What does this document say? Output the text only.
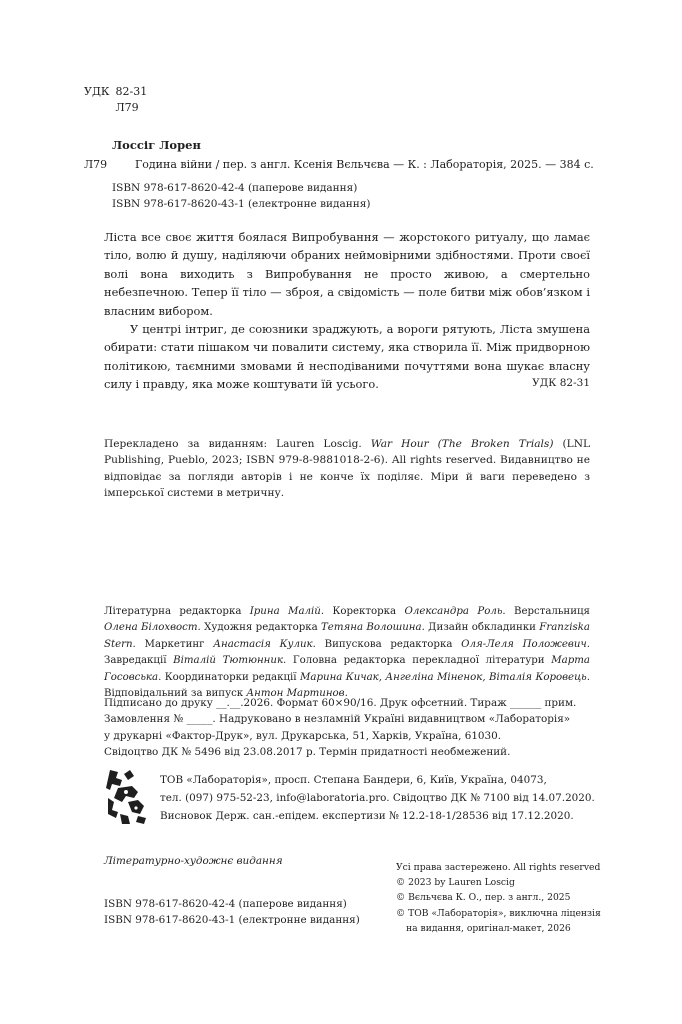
УДК 82-31
Л79
Лоссіг Лорен
Л79	Година війни / пер. з англ. Ксенія Вєльчєва — К. : Лабораторія, 2025. — 384 с.
ISBN 978-617-8620-42-4 (паперове видання)
ISBN 978-617-8620-43-1 (електронне видання)

Ліста все своє життя боялася Випробування — жорстокого ритуалу, що ламає тіло, волю й душу, наділяючи обраних неймовірними здібностями. Проти своєї волі вона виходить з Випробування не просто живою, а смертельно небезпечною. Тепер її тіло — зброя, а свідомість — поле битви між обов’язком і власним вибором.

У центрі інтриг, де союзники зраджують, а вороги рятують, Ліста змушена обирати: стати пішаком чи повалити систему, яка створила її. Між придворною політикою, таємними змовами й несподіваними почуттями вона шукає власну силу і правду, яка може коштувати їй усього.	УДК 82-31
Перекладено за виданням: Lauren Loscig. War Hour (The Broken Trials) (LNL Publishing, Pueblo, 2023; ISBN 979-8-9881018-2-6). All rights reserved. Видавництво не відповідає за погляди авторів і не конче їх поділяє. Міри й ваги переведено з імперської системи в метричну.
Літературна редакторка Ірина Малій. Коректорка Олександра Роль. Верстальниця Олена Білохвост. Художня редакторка Тетяна Волошина. Дизайн обкладинки Franziska Stern. Маркетинг Анастасія Кулик. Випускова редакторка Оля-Леля Положевич. Завредакції Віталій Тютюнник. Головна редакторка перекладної літератури Марта Госовська. Координаторки редакції Марина Кичак, Ангеліна Міненок, Віталія Коровець. Відповідальний за випуск Антон Мартинов.
Підписано до друку __.__.2026. Формат 60×90/16. Друк офсетний. Тираж ______ прим.
Замовлення № _____. Надруковано в незламній Україні видавництвом «Лабораторія»
у друкарні «Фактор-Друк», вул. Друкарська, 51, Харків, Україна, 61030.
Свідоцтво ДК № 5496 від 23.08.2017 р. Термін придатності необмежений.
ТОВ «Лабораторія», просп. Степана Бандери, 6, Київ, Україна, 04073,
тел. (097) 975-52-23, info@laboratoria.pro. Свідоцтво ДК № 7100 від 14.07.2020.
Висновок Держ. сан.-епідем. експертизи № 12.2-18-1/28536 від 17.12.2020.
Літературно-художнє видання
ISBN 978-617-8620-42-4 (паперове видання)
ISBN 978-617-8620-43-1 (електронне видання)
Усі права застережено. All rights reserved
© 2023 by Lauren Loscig
© Вєльчєва К. О., пер. з англ., 2025
© ТОВ «Лабораторія», виключна ліцензія
на видання, оригінал-макет, 2026
